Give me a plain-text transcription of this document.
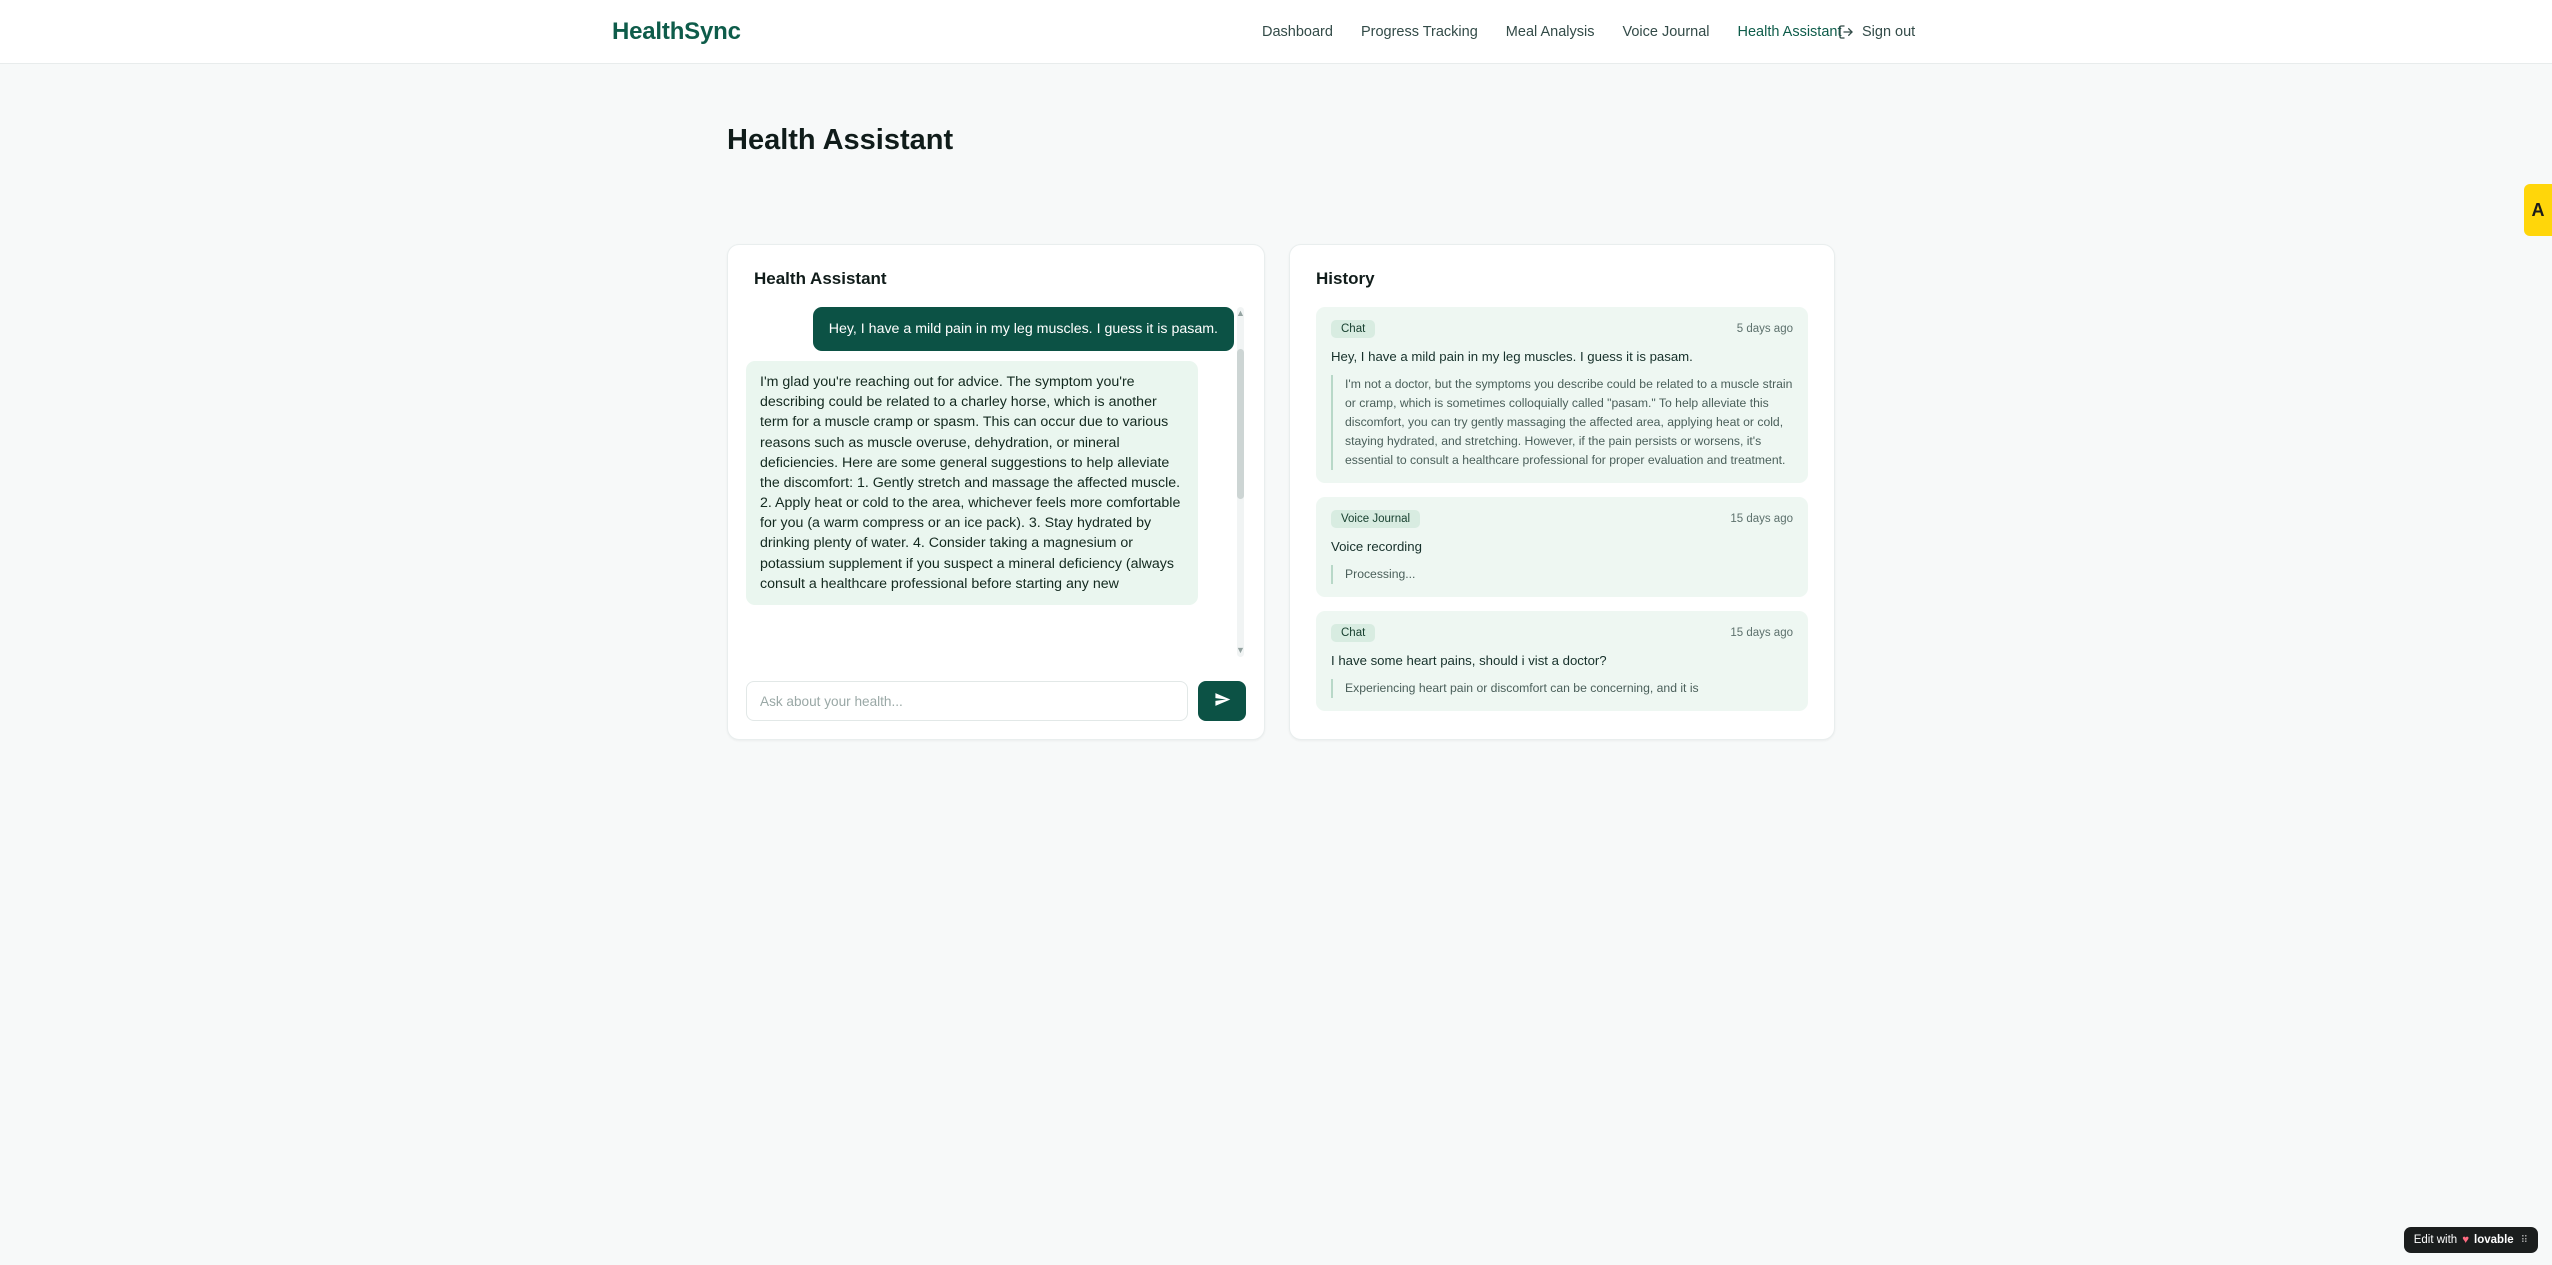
HealthSync	Dashboard Progress Tracking Meal Analysis Voice Journal Health Assistant Sign out
Health Assistant
Health Assistant
Hey, I have a mild pain in my leg muscles. I guess it is pasam.
I'm glad you're reaching out for advice. The symptom you're describing could be related to a charley horse, which is another term for a muscle cramp or spasm. This can occur due to various reasons such as muscle overuse, dehydration, or mineral deficiencies. Here are some general suggestions to help alleviate the discomfort: 1. Gently stretch and massage the affected muscle. 2. Apply heat or cold to the area, whichever feels more comfortable for you (a warm compress or an ice pack). 3. Stay hydrated by drinking plenty of water. 4. Consider taking a magnesium or potassium supplement if you suspect a mineral deficiency (always consult a healthcare professional before starting any new
▲
▼
Ask about your health...
History
Chat	5 days ago
Hey, I have a mild pain in my leg muscles. I guess it is pasam.
I'm not a doctor, but the symptoms you describe could be related to a muscle strain or cramp, which is sometimes colloquially called "pasam." To help alleviate this discomfort, you can try gently massaging the affected area, applying heat or cold, staying hydrated, and stretching. However, if the pain persists or worsens, it's essential to consult a healthcare professional for proper evaluation and treatment.
Voice Journal	15 days ago
Voice recording
Processing...
Chat	15 days ago
I have some heart pains, should i vist a doctor?
Experiencing heart pain or discomfort can be concerning, and it is
A
Edit with ♥ lovable ⠿
